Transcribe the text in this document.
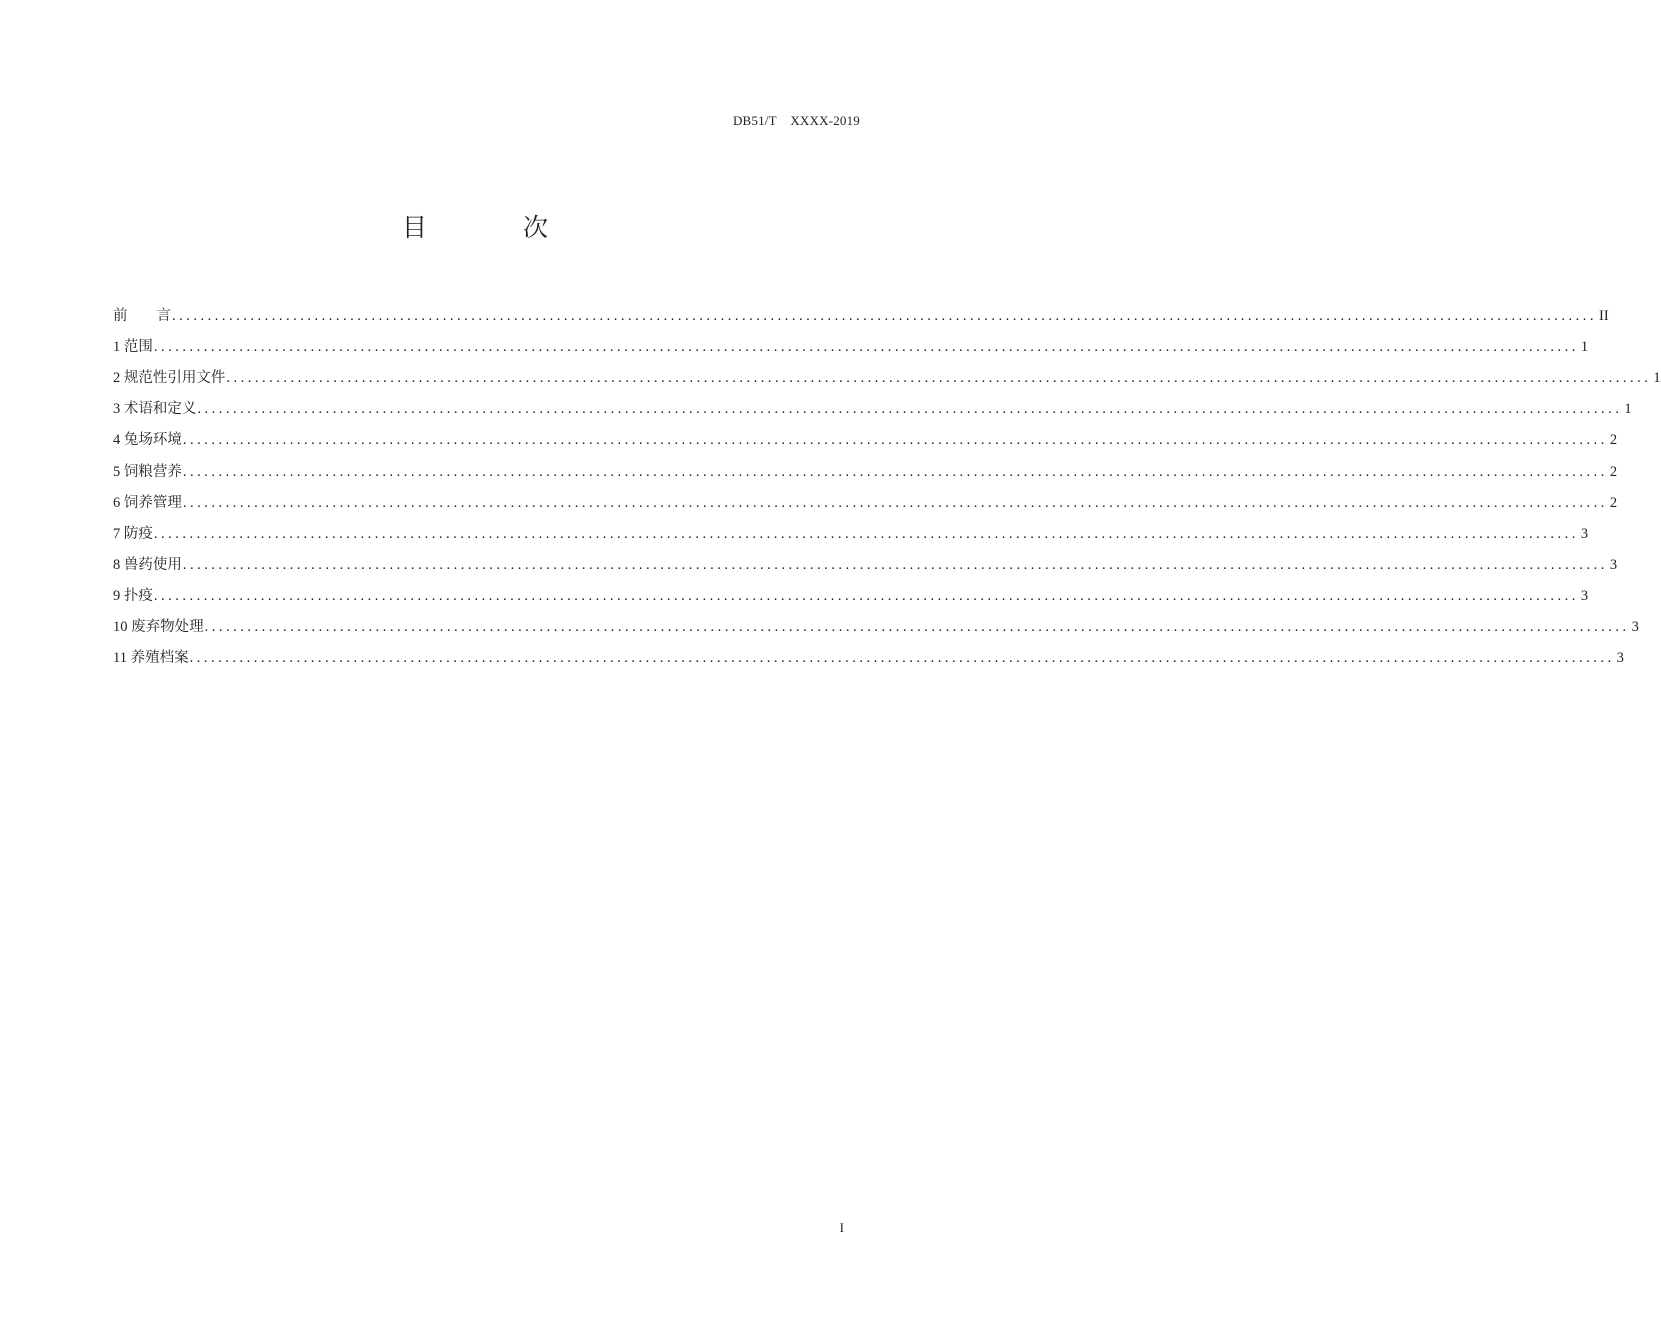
DB51/T    XXXX-2019
目 次
前        言 ........................................................................................................................................................................................................ II
1 范围 ........................................................................................................................................................................................................ 1
2 规范性引用文件 ........................................................................................................................................................................................................ 1
3 术语和定义 ........................................................................................................................................................................................................ 1
4 兔场环境 ........................................................................................................................................................................................................ 2
5 饲粮营养 ........................................................................................................................................................................................................ 2
6 饲养管理 ........................................................................................................................................................................................................ 2
7 防疫 ........................................................................................................................................................................................................ 3
8 兽药使用 ........................................................................................................................................................................................................ 3
9 扑疫 ........................................................................................................................................................................................................ 3
10 废弃物处理 ........................................................................................................................................................................................................ 3
11 养殖档案 ........................................................................................................................................................................................................ 3
I
